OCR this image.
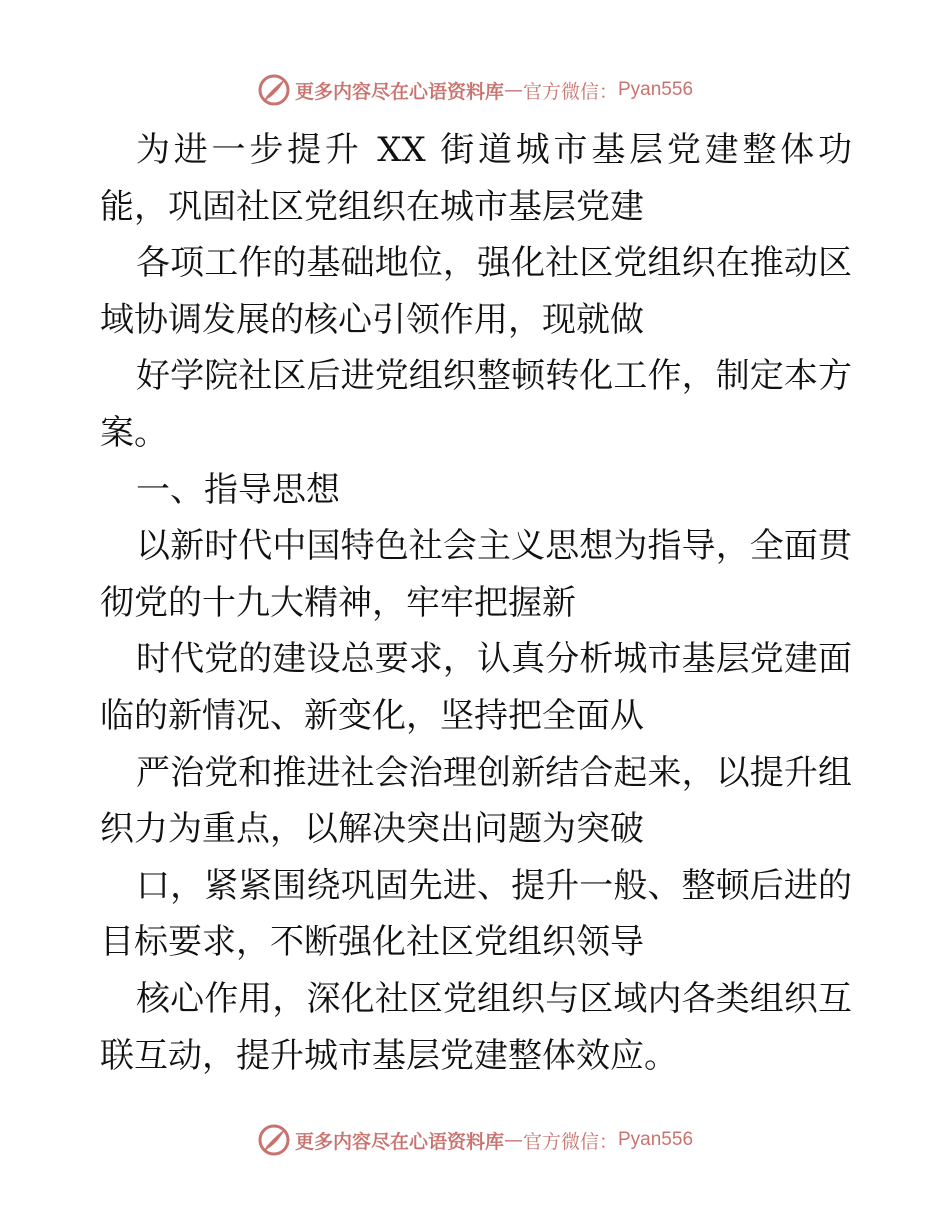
更多内容尽在心语资料库 — 官方微信： Pyan556

为进一步提升 XX 街道城市基层党建整体功能，巩固社区党组织在城市基层党建

各项工作的基础地位，强化社区党组织在推动区域协调发展的核心引领作用，现就做

好学院社区后进党组织整顿转化工作，制定本方案。

一、指导思想

以新时代中国特色社会主义思想为指导，全面贯彻党的十九大精神，牢牢把握新

时代党的建设总要求，认真分析城市基层党建面临的新情况、新变化，坚持把全面从

严治党和推进社会治理创新结合起来，以提升组织力为重点，以解决突出问题为突破

口，紧紧围绕巩固先进、提升一般、整顿后进的目标要求，不断强化社区党组织领导

核心作用，深化社区党组织与区域内各类组织互联互动，提升城市基层党建整体效应。

更多内容尽在心语资料库 — 官方微信： Pyan556
